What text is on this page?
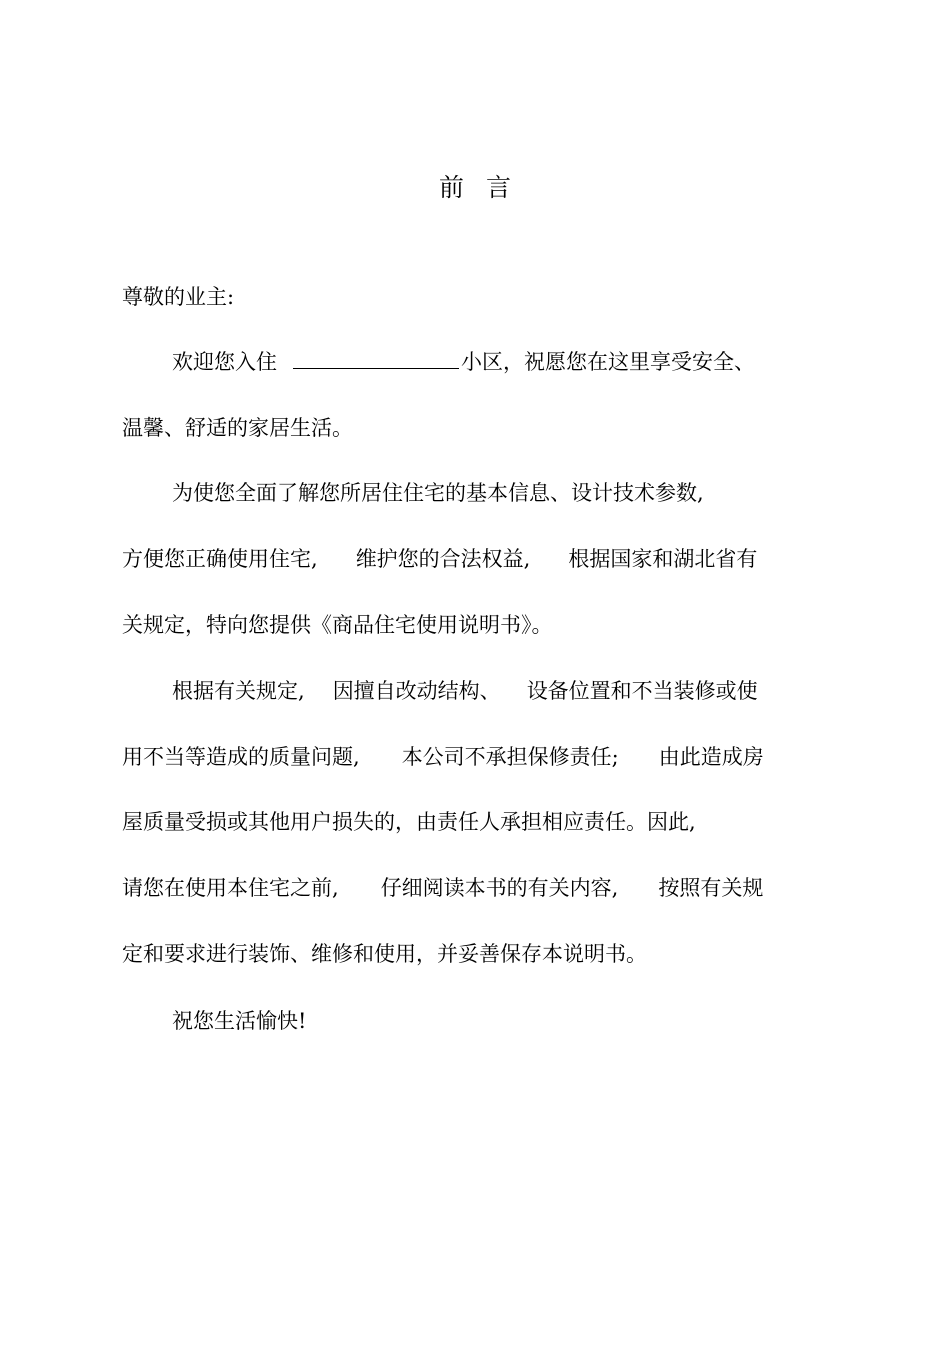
前言
尊敬的业主:
欢迎您入住	小区，祝愿您在这里享受安全、
温馨、舒适的家居生活。
为使您全面了解您所居住住宅的基本信息、设计技术参数,
方便您正确使用住宅, 维护您的合法权益, 根据国家和湖北省有
关规定，特向您提供《商品住宅使用说明书》。
根据有关规定, 因擅自改动结构、 设备位置和不当装修或使
用不当等造成的质量问题, 本公司不承担保修责任; 由此造成房
屋质量受损或其他用户损失的，由责任人承担相应责任。因此,
请您在使用本住宅之前, 仔细阅读本书的有关内容, 按照有关规
定和要求进行装饰、维修和使用，并妥善保存本说明书。
祝您生活愉快!
